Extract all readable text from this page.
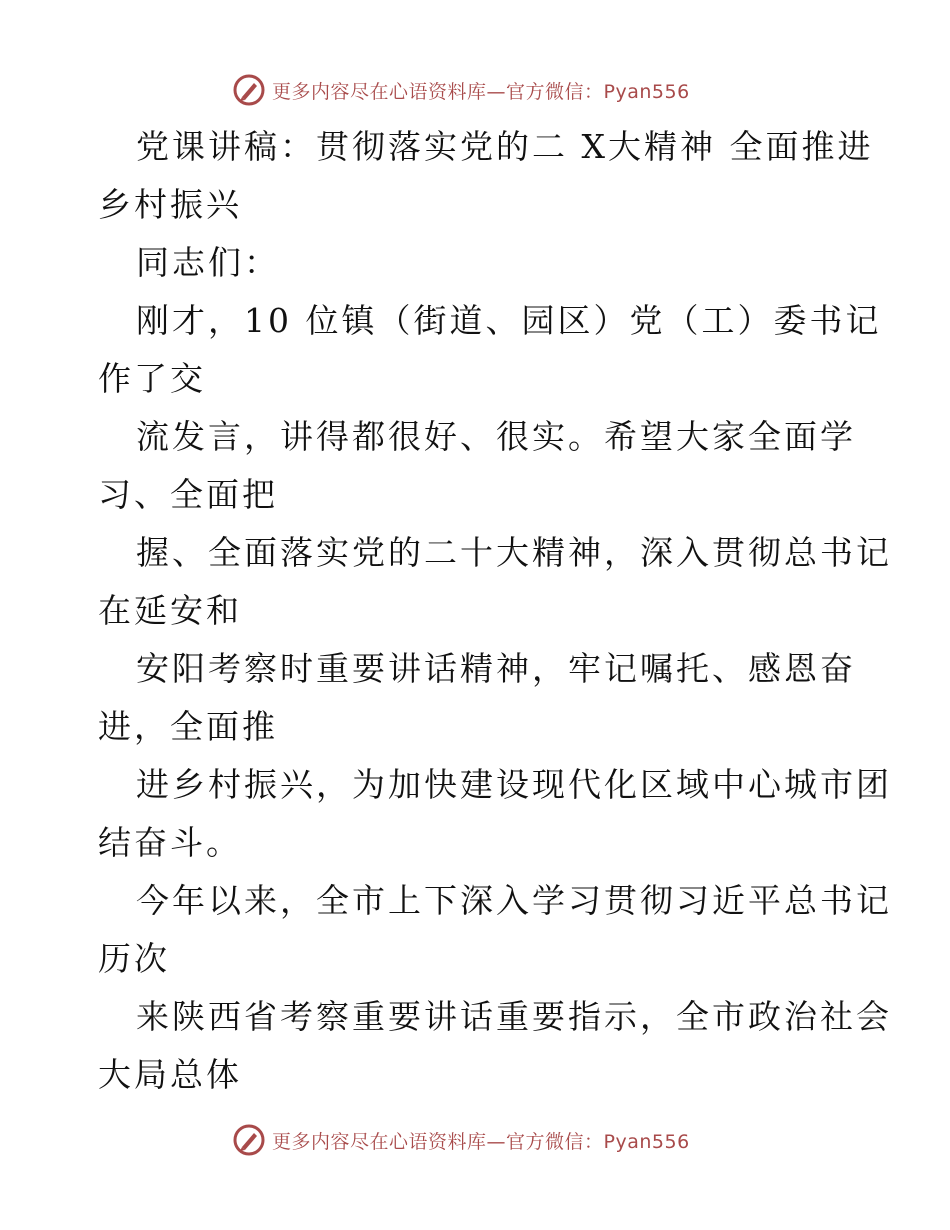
更多内容尽在心语资料库—官方微信：Pyan556
党课讲稿：贯彻落实党的二 X大精神 全面推进
乡村振兴
同志们：
刚才，10 位镇（街道、园区）党（工）委书记
作了交
流发言，讲得都很好、很实。希望大家全面学
习、全面把
握、全面落实党的二十大精神，深入贯彻总书记
在延安和
安阳考察时重要讲话精神，牢记嘱托、感恩奋
进，全面推
进乡村振兴，为加快建设现代化区域中心城市团
结奋斗。
今年以来，全市上下深入学习贯彻习近平总书记
历次
来陕西省考察重要讲话重要指示，全市政治社会
大局总体
更多内容尽在心语资料库—官方微信：Pyan556
